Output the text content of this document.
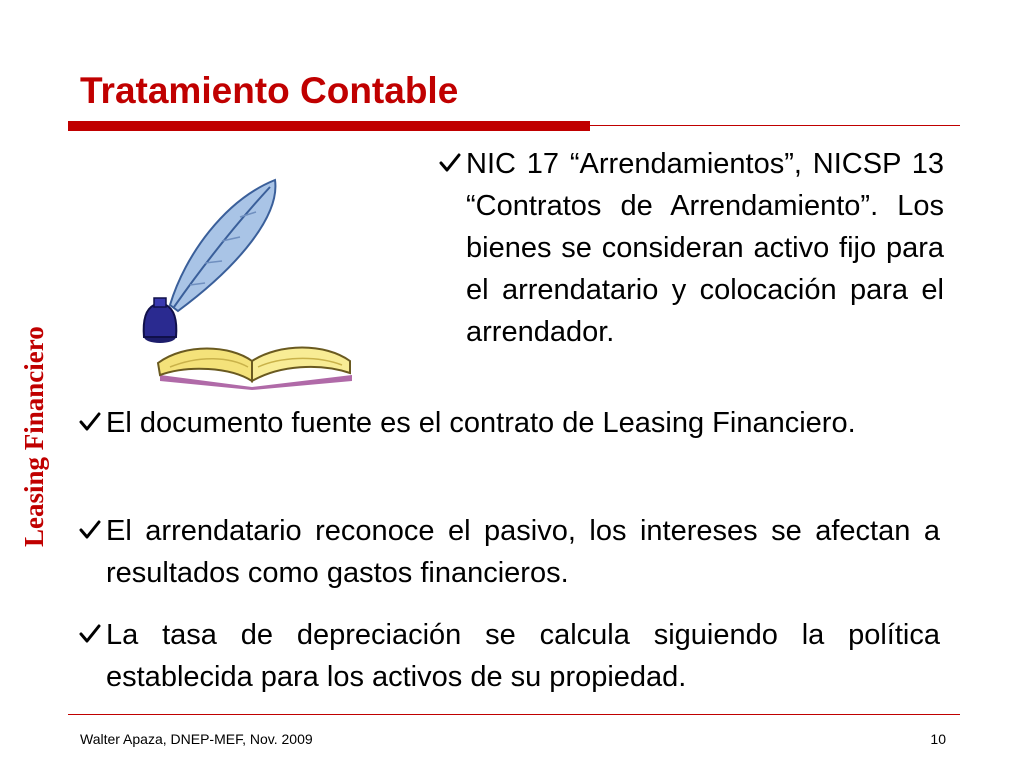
Tratamiento Contable
Leasing Financiero
NIC 17 “Arrendamientos”, NICSP 13 “Contratos de Arrendamiento”. Los bienes se consideran activo fijo para el arrendatario y colocación para el arrendador.
El documento fuente es el contrato de Leasing Financiero.
El arrendatario reconoce el pasivo, los intereses se afectan a resultados como gastos financieros.
La tasa de depreciación se calcula siguiendo la política establecida para los activos de su propiedad.
Walter Apaza, DNEP-MEF, Nov. 2009	10
